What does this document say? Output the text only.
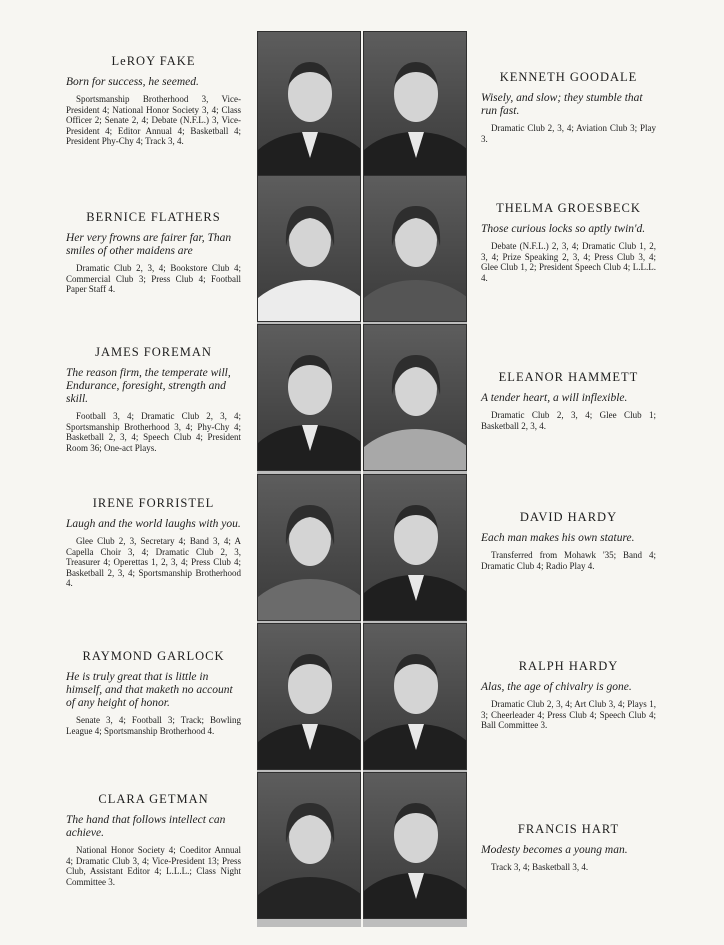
LeROY FAKE
Born for success, he seemed.
Sportsmanship Brotherhood 3, Vice-President 4; National Honor Society 3, 4; Class Officer 2; Senate 2, 4; Debate (N.F.L.) 3, Vice-President 4; Editor Annual 4; Basketball 4; President Phy-Chy 4; Track 3, 4.
BERNICE FLATHERS
Her very frowns are fairer far, Than smiles of other maidens are
Dramatic Club 2, 3, 4; Bookstore Club 4; Commercial Club 3; Press Club 4; Football Paper Staff 4.
JAMES FOREMAN
The reason firm, the temperate will, Endurance, foresight, strength and skill.
Football 3, 4; Dramatic Club 2, 3, 4; Sportsmanship Brotherhood 3, 4; Phy-Chy 4; Basketball 2, 3, 4; Speech Club 4; President Room 36; One-act Plays.
IRENE FORRISTEL
Laugh and the world laughs with you.
Glee Club 2, 3, Secretary 4; Band 3, 4; A Capella Choir 3, 4; Dramatic Club 2, 3, Treasurer 4; Operettas 1, 2, 3, 4; Press Club 4; Basketball 2, 3, 4; Sportsmanship Brotherhood 4.
RAYMOND GARLOCK
He is truly great that is little in himself, and that maketh no account of any height of honor.
Senate 3, 4; Football 3; Track; Bowling League 4; Sportsmanship Brotherhood 4.
CLARA GETMAN
The hand that follows intellect can achieve.
National Honor Society 4; Coeditor Annual 4; Dramatic Club 3, 4; Vice-President 13; Press Club, Assistant Editor 4; L.L.L.; Class Night Committee 3.
KENNETH GOODALE
Wisely, and slow; they stumble that run fast.
Dramatic Club 2, 3, 4; Aviation Club 3; Play 3.
THELMA GROESBECK
Those curious locks so aptly twin'd.
Debate (N.F.L.) 2, 3, 4; Dramatic Club 1, 2, 3, 4; Prize Speaking 2, 3, 4; Press Club 3, 4; Glee Club 1, 2; President Speech Club 4; L.L.L. 4.
ELEANOR HAMMETT
A tender heart, a will inflexible.
Dramatic Club 2, 3, 4; Glee Club 1; Basketball 2, 3, 4.
DAVID HARDY
Each man makes his own stature.
Transferred from Mohawk '35; Band 4; Dramatic Club 4; Radio Play 4.
RALPH HARDY
Alas, the age of chivalry is gone.
Dramatic Club 2, 3, 4; Art Club 3, 4; Plays 1, 3; Cheerleader 4; Press Club 4; Speech Club 4; Ball Committee 3.
FRANCIS HART
Modesty becomes a young man.
Track 3, 4; Basketball 3, 4.
